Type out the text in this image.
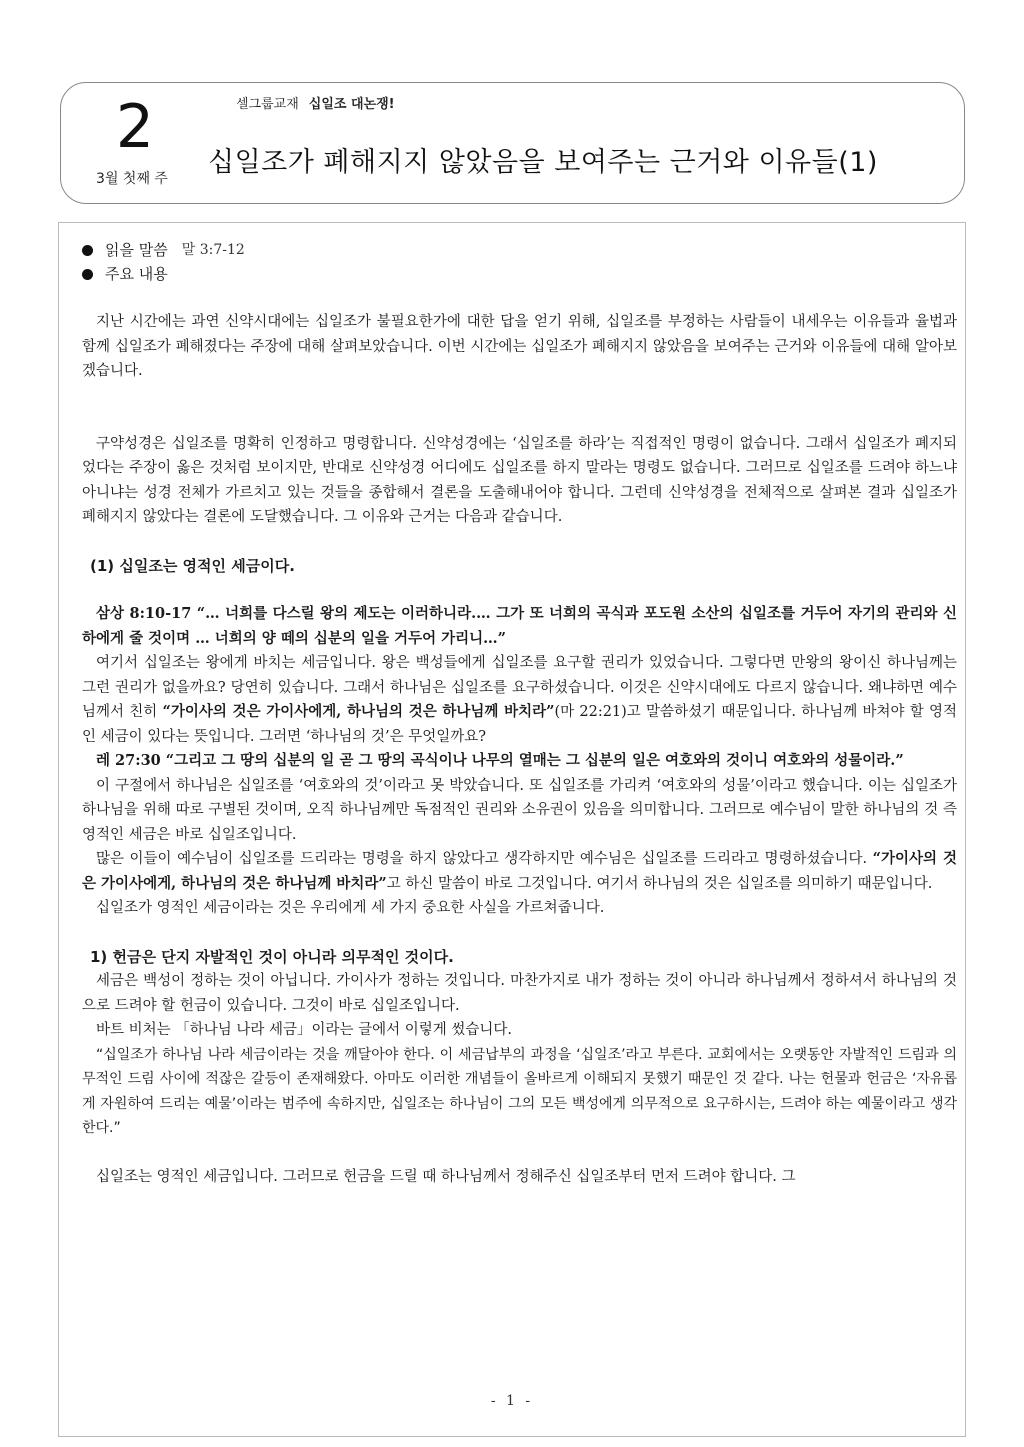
2
3월 첫째 주
셀그룹교재 십일조 대논쟁!
십일조가 폐해지지 않았음을 보여주는 근거와 이유들(1)
읽을 말씀 말 3:7-12
주요 내용

지난 시간에는 과연 신약시대에는 십일조가 불필요한가에 대한 답을 얻기 위해, 십일조를 부정하는 사람들이 내세우는 이유들과 율법과 함께 십일조가 폐해졌다는 주장에 대해 살펴보았습니다. 이번 시간에는 십일조가 폐해지지 않았음을 보여주는 근거와 이유들에 대해 알아보겠습니다.

구약성경은 십일조를 명확히 인정하고 명령합니다. 신약성경에는 ‘십일조를 하라’는 직접적인 명령이 없습니다. 그래서 십일조가 폐지되었다는 주장이 옳은 것처럼 보이지만, 반대로 신약성경 어디에도 십일조를 하지 말라는 명령도 없습니다. 그러므로 십일조를 드려야 하느냐 아니냐는 성경 전체가 가르치고 있는 것들을 종합해서 결론을 도출해내어야 합니다. 그런데 신약성경을 전체적으로 살펴본 결과 십일조가 폐해지지 않았다는 결론에 도달했습니다. 그 이유와 근거는 다음과 같습니다.

(1) 십일조는 영적인 세금이다.

삼상 8:10-17 “… 너희를 다스릴 왕의 제도는 이러하니라.… 그가 또 너희의 곡식과 포도원 소산의 십일조를 거두어 자기의 관리와 신하에게 줄 것이며 … 너희의 양 떼의 십분의 일을 거두어 가리니…”

여기서 십일조는 왕에게 바치는 세금입니다. 왕은 백성들에게 십일조를 요구할 권리가 있었습니다. 그렇다면 만왕의 왕이신 하나님께는 그런 권리가 없을까요? 당연히 있습니다. 그래서 하나님은 십일조를 요구하셨습니다. 이것은 신약시대에도 다르지 않습니다. 왜냐하면 예수님께서 친히 “가이사의 것은 가이사에게, 하나님의 것은 하나님께 바치라”(마 22:21)고 말씀하셨기 때문입니다. 하나님께 바쳐야 할 영적인 세금이 있다는 뜻입니다. 그러면 ‘하나님의 것’은 무엇일까요?

레 27:30 “그리고 그 땅의 십분의 일 곧 그 땅의 곡식이나 나무의 열매는 그 십분의 일은 여호와의 것이니 여호와의 성물이라.”

이 구절에서 하나님은 십일조를 ‘여호와의 것’이라고 못 박았습니다. 또 십일조를 가리켜 ‘여호와의 성물’이라고 했습니다. 이는 십일조가 하나님을 위해 따로 구별된 것이며, 오직 하나님께만 독점적인 권리와 소유권이 있음을 의미합니다. 그러므로 예수님이 말한 하나님의 것 즉 영적인 세금은 바로 십일조입니다.

많은 이들이 예수님이 십일조를 드리라는 명령을 하지 않았다고 생각하지만 예수님은 십일조를 드리라고 명령하셨습니다. “가이사의 것은 가이사에게, 하나님의 것은 하나님께 바치라”고 하신 말씀이 바로 그것입니다. 여기서 하나님의 것은 십일조를 의미하기 때문입니다.

십일조가 영적인 세금이라는 것은 우리에게 세 가지 중요한 사실을 가르쳐줍니다.

1) 헌금은 단지 자발적인 것이 아니라 의무적인 것이다.

세금은 백성이 정하는 것이 아닙니다. 가이사가 정하는 것입니다. 마찬가지로 내가 정하는 것이 아니라 하나님께서 정하셔서 하나님의 것으로 드려야 할 헌금이 있습니다. 그것이 바로 십일조입니다.

바트 비처는 「하나님 나라 세금」이라는 글에서 이렇게 썼습니다.

“십일조가 하나님 나라 세금이라는 것을 깨달아야 한다. 이 세금납부의 과정을 ‘십일조’라고 부른다. 교회에서는 오랫동안 자발적인 드림과 의무적인 드림 사이에 적잖은 갈등이 존재해왔다. 아마도 이러한 개념들이 올바르게 이해되지 못했기 때문인 것 같다. 나는 헌물과 헌금은 ‘자유롭게 자원하여 드리는 예물’이라는 범주에 속하지만, 십일조는 하나님이 그의 모든 백성에게 의무적으로 요구하시는, 드려야 하는 예물이라고 생각한다.”

십일조는 영적인 세금입니다. 그러므로 헌금을 드릴 때 하나님께서 정해주신 십일조부터 먼저 드려야 합니다. 그

- 1 -
